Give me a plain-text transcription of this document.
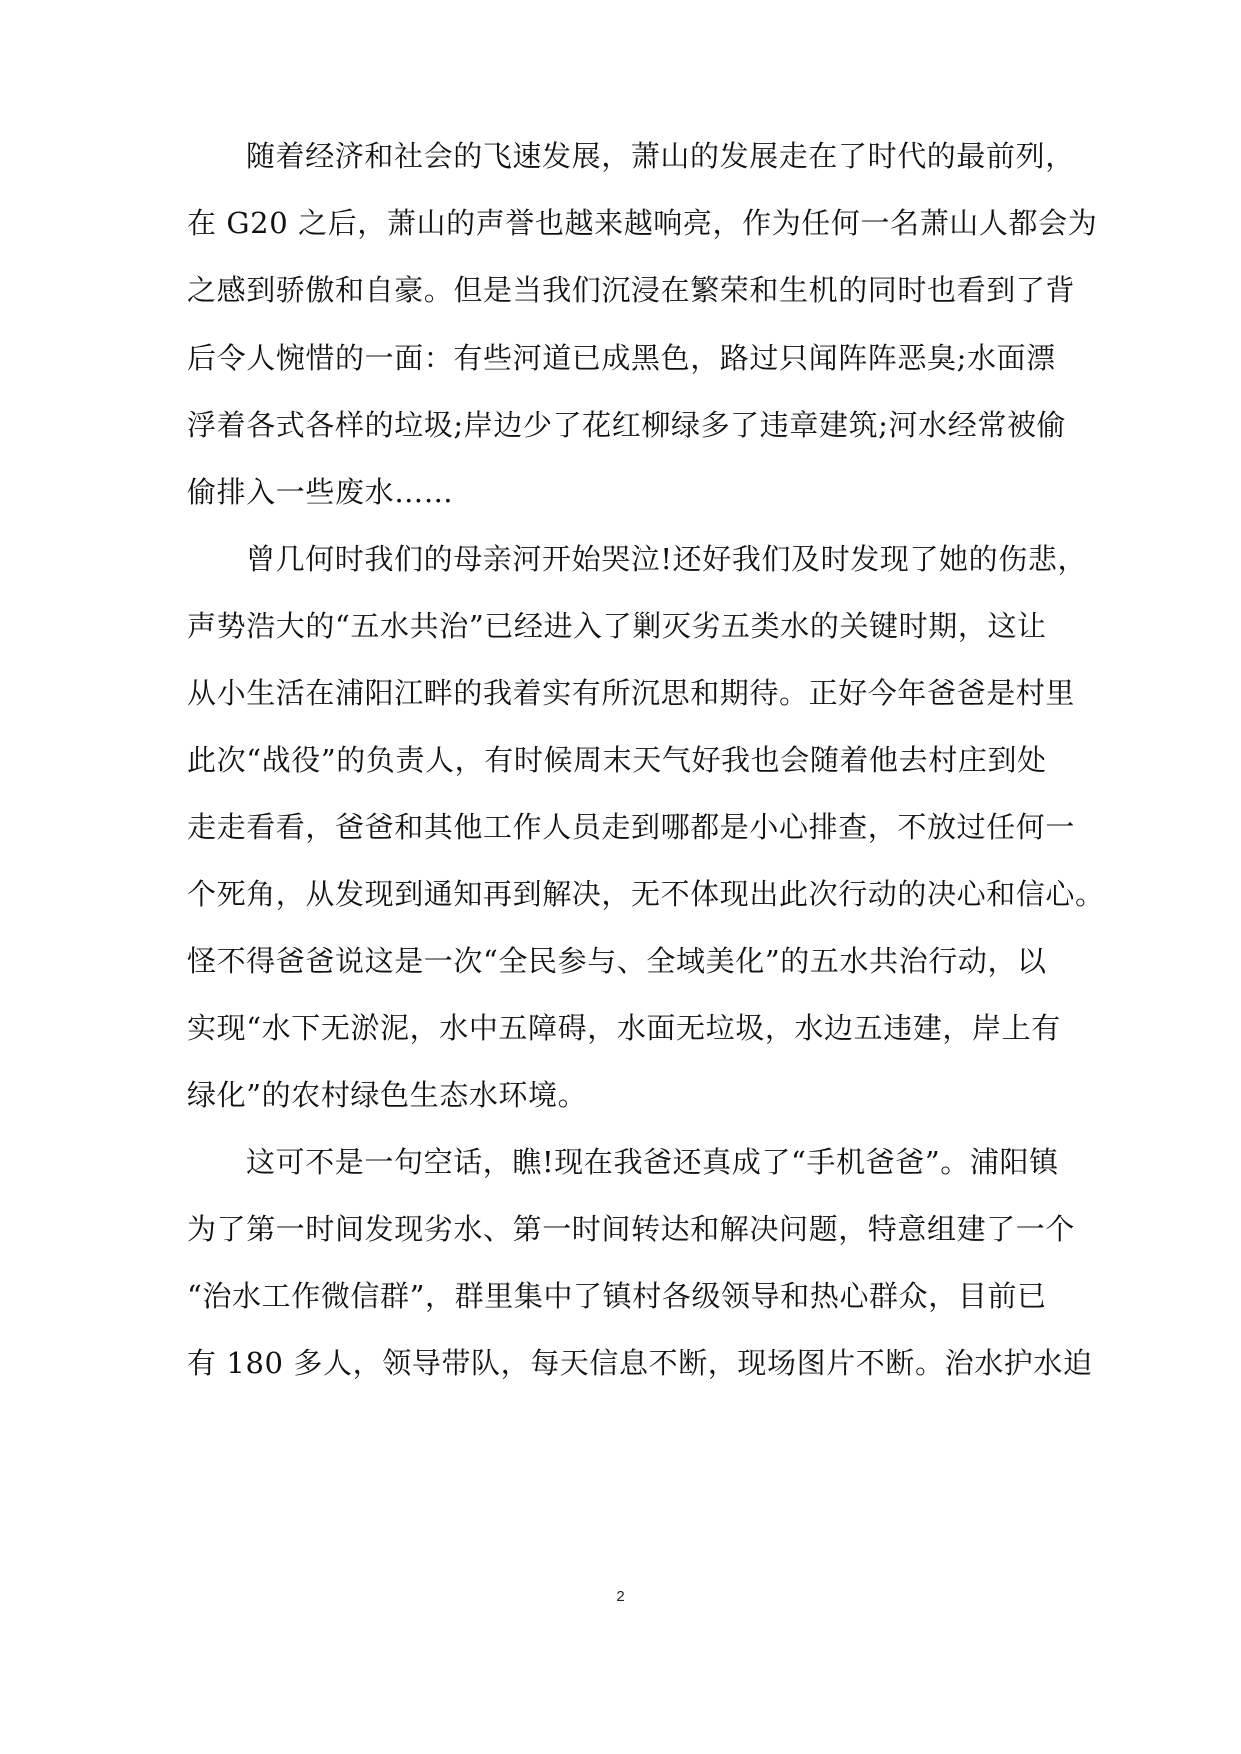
随着经济和社会的飞速发展，萧山的发展走在了时代的最前列，
在 G20 之后，萧山的声誉也越来越响亮，作为任何一名萧山人都会为
之感到骄傲和自豪。但是当我们沉浸在繁荣和生机的同时也看到了背
后令人惋惜的一面：有些河道已成黑色，路过只闻阵阵恶臭;水面漂
浮着各式各样的垃圾;岸边少了花红柳绿多了违章建筑;河水经常被偷
偷排入一些废水……
曾几何时我们的母亲河开始哭泣!还好我们及时发现了她的伤悲，
声势浩大的“五水共治”已经进入了剿灭劣五类水的关键时期，这让
从小生活在浦阳江畔的我着实有所沉思和期待。正好今年爸爸是村里
此次“战役”的负责人，有时候周末天气好我也会随着他去村庄到处
走走看看，爸爸和其他工作人员走到哪都是小心排查，不放过任何一
个死角，从发现到通知再到解决，无不体现出此次行动的决心和信心。
怪不得爸爸说这是一次“全民参与、全域美化”的五水共治行动，以
实现“水下无淤泥，水中五障碍，水面无垃圾，水边五违建，岸上有
绿化”的农村绿色生态水环境。
这可不是一句空话，瞧!现在我爸还真成了“手机爸爸”。浦阳镇
为了第一时间发现劣水、第一时间转达和解决问题，特意组建了一个
“治水工作微信群”，群里集中了镇村各级领导和热心群众，目前已
有 180 多人，领导带队，每天信息不断，现场图片不断。治水护水迫
2
